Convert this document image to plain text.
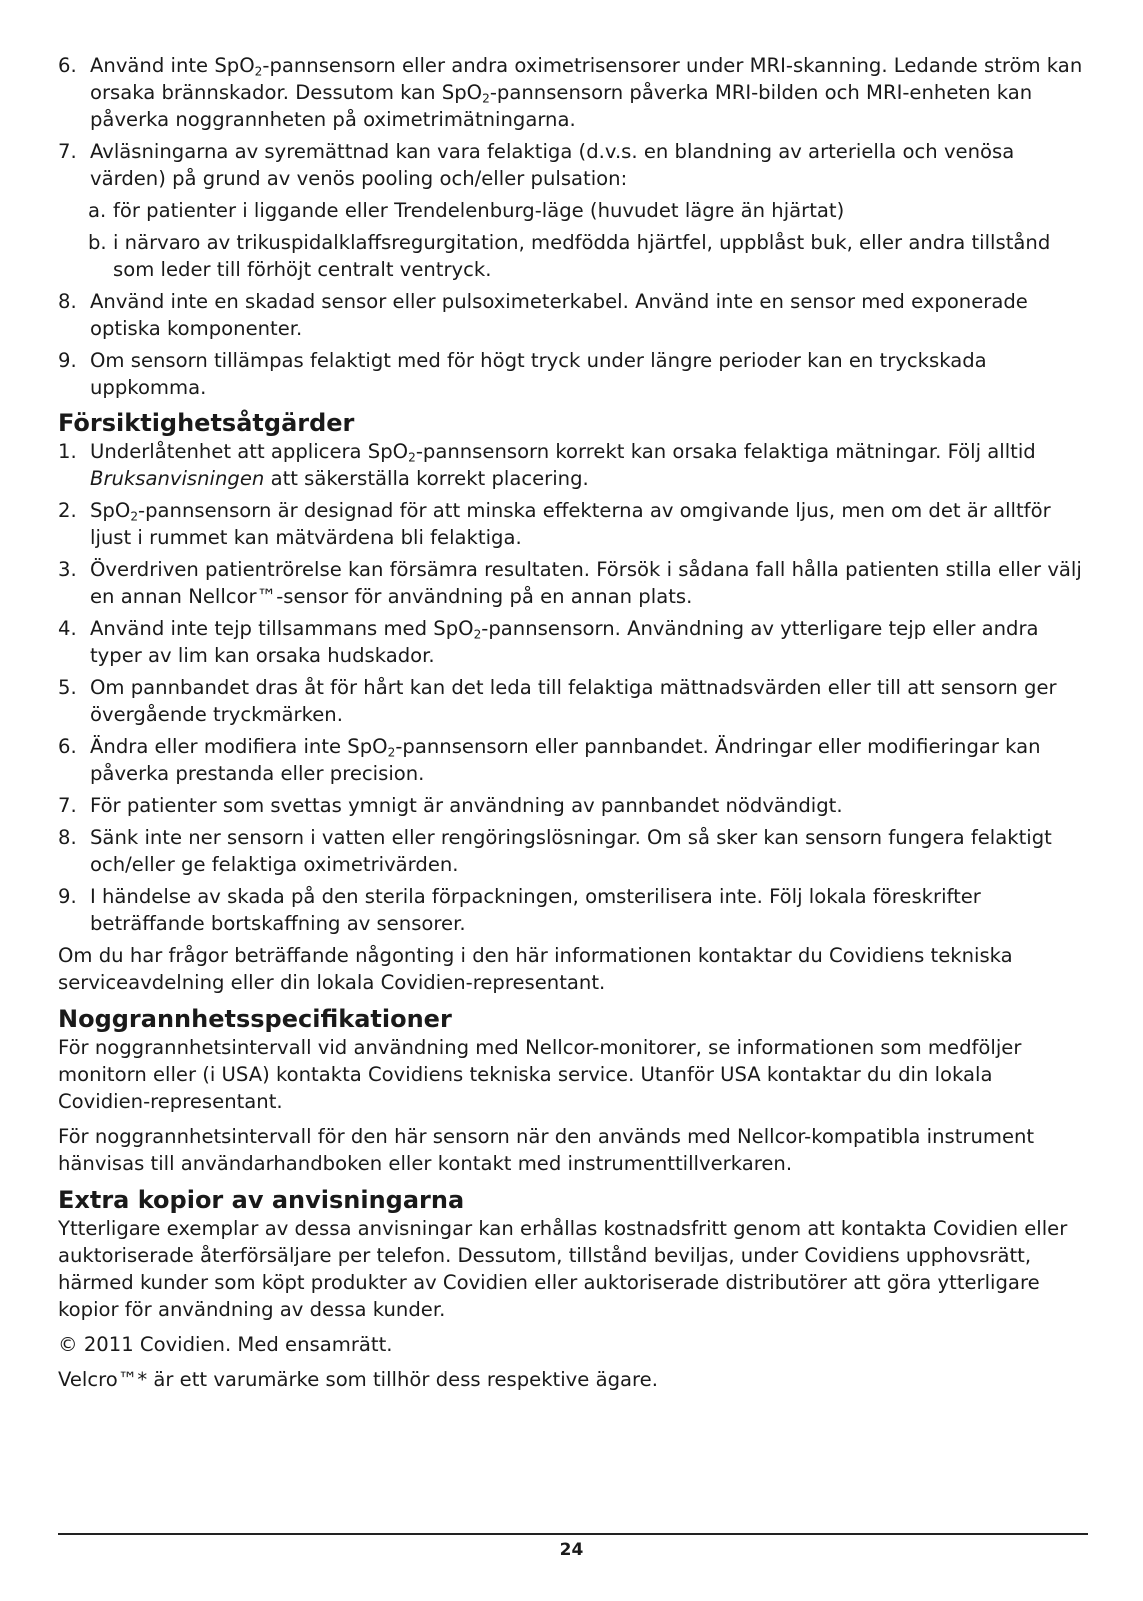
6. Använd inte SpO$_2$-pannsensorn eller andra oximetrisensorer under MRI-skanning. Ledande ström kan orsaka brännskador. Dessutom kan SpO$_2$-pannsensorn påverka MRI-bilden och MRI-enheten kan påverka noggrannheten på oximetrimätningarna.
7. Avläsningarna av syremättnad kan vara felaktiga (d.v.s. en blandning av arteriella och venösa värden) på grund av venös pooling och/eller pulsation:
a. för patienter i liggande eller Trendelenburg-läge (huvudet lägre än hjärtat)
b. i närvaro av trikuspidalklaffsregurgitation, medfödda hjärtfel, uppblåst buk, eller andra tillstånd som leder till förhöjt centralt ventryck.
8. Använd inte en skadad sensor eller pulsoximeterkabel. Använd inte en sensor med exponerade optiska komponenter.
9. Om sensorn tillämpas felaktigt med för högt tryck under längre perioder kan en tryckskada uppkomma.
Försiktighetsåtgärder
1. Underlåtenhet att applicera SpO$_2$-pannsensorn korrekt kan orsaka felaktiga mätningar. Följ alltid Bruksanvisningen att säkerställa korrekt placering.
2. SpO$_2$-pannsensorn är designad för att minska effekterna av omgivande ljus, men om det är alltför ljust i rummet kan mätvärdena bli felaktiga.
3. Överdriven patientrörelse kan försämra resultaten. Försök i sådana fall hålla patienten stilla eller välj en annan Nellcor™-sensor för användning på en annan plats.
4. Använd inte tejp tillsammans med SpO$_2$-pannsensorn. Användning av ytterligare tejp eller andra typer av lim kan orsaka hudskador.
5. Om pannbandet dras åt för hårt kan det leda till felaktiga mättnadsvärden eller till att sensorn ger övergående tryckmärken.
6. Ändra eller modifiera inte SpO$_2$-pannsensorn eller pannbandet. Ändringar eller modifieringar kan påverka prestanda eller precision.
7. För patienter som svettas ymnigt är användning av pannbandet nödvändigt.
8. Sänk inte ner sensorn i vatten eller rengöringslösningar. Om så sker kan sensorn fungera felaktigt och/eller ge felaktiga oximetrivärden.
9. I händelse av skada på den sterila förpackningen, omsterilisera inte. Följ lokala föreskrifter beträffande bortskaffning av sensorer.

Om du har frågor beträffande någonting i den här informationen kontaktar du Covidiens tekniska serviceavdelning eller din lokala Covidien-representant.

Noggrannhetsspecifikationer

För noggrannhetsintervall vid användning med Nellcor-monitorer, se informationen som medföljer monitorn eller (i USA) kontakta Covidiens tekniska service. Utanför USA kontaktar du din lokala Covidien-representant.

För noggrannhetsintervall för den här sensorn när den används med Nellcor-kompatibla instrument hänvisas till användarhandboken eller kontakt med instrumenttillverkaren.

Extra kopior av anvisningarna

Ytterligare exemplar av dessa anvisningar kan erhållas kostnadsfritt genom att kontakta Covidien eller auktoriserade återförsäljare per telefon. Dessutom, tillstånd beviljas, under Covidiens upphovsrätt, härmed kunder som köpt produkter av Covidien eller auktoriserade distributörer att göra ytterligare kopior för användning av dessa kunder.

© 2011 Covidien. Med ensamrätt.

Velcro™* är ett varumärke som tillhör dess respektive ägare.

24
